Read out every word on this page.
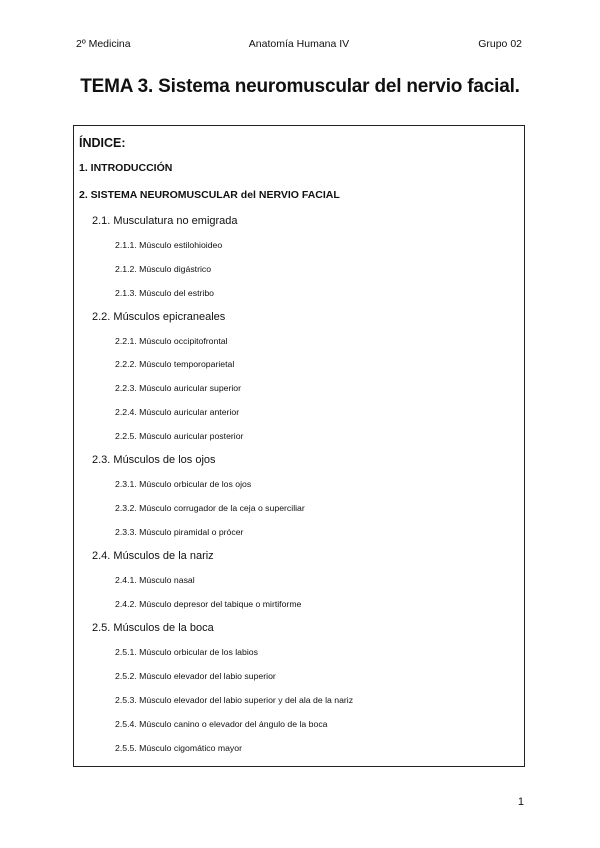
2º Medicina	Anatomía Humana IV	Grupo 02
TEMA 3. Sistema neuromuscular del nervio facial.
ÍNDICE:
1. INTRODUCCIÓN
2. SISTEMA NEUROMUSCULAR del NERVIO FACIAL
2.1. Musculatura no emigrada
2.1.1. Músculo estilohioideo
2.1.2. Músculo digástrico
2.1.3. Músculo del estribo
2.2. Músculos epicraneales
2.2.1. Músculo occipitofrontal
2.2.2. Músculo temporoparietal
2.2.3. Músculo auricular superior
2.2.4. Músculo auricular anterior
2.2.5. Músculo auricular posterior
2.3. Músculos de los ojos
2.3.1. Músculo orbicular de los ojos
2.3.2. Músculo corrugador de la ceja o superciliar
2.3.3. Músculo piramidal o prócer
2.4. Músculos de la nariz
2.4.1. Músculo nasal
2.4.2. Músculo depresor del tabique o mirtiforme
2.5. Músculos de la boca
2.5.1. Músculo orbicular de los labios
2.5.2. Músculo elevador del labio superior
2.5.3. Músculo elevador del labio superior y del ala de la nariz
2.5.4. Músculo canino o elevador del ángulo de la boca
2.5.5. Músculo cigomático mayor
1
